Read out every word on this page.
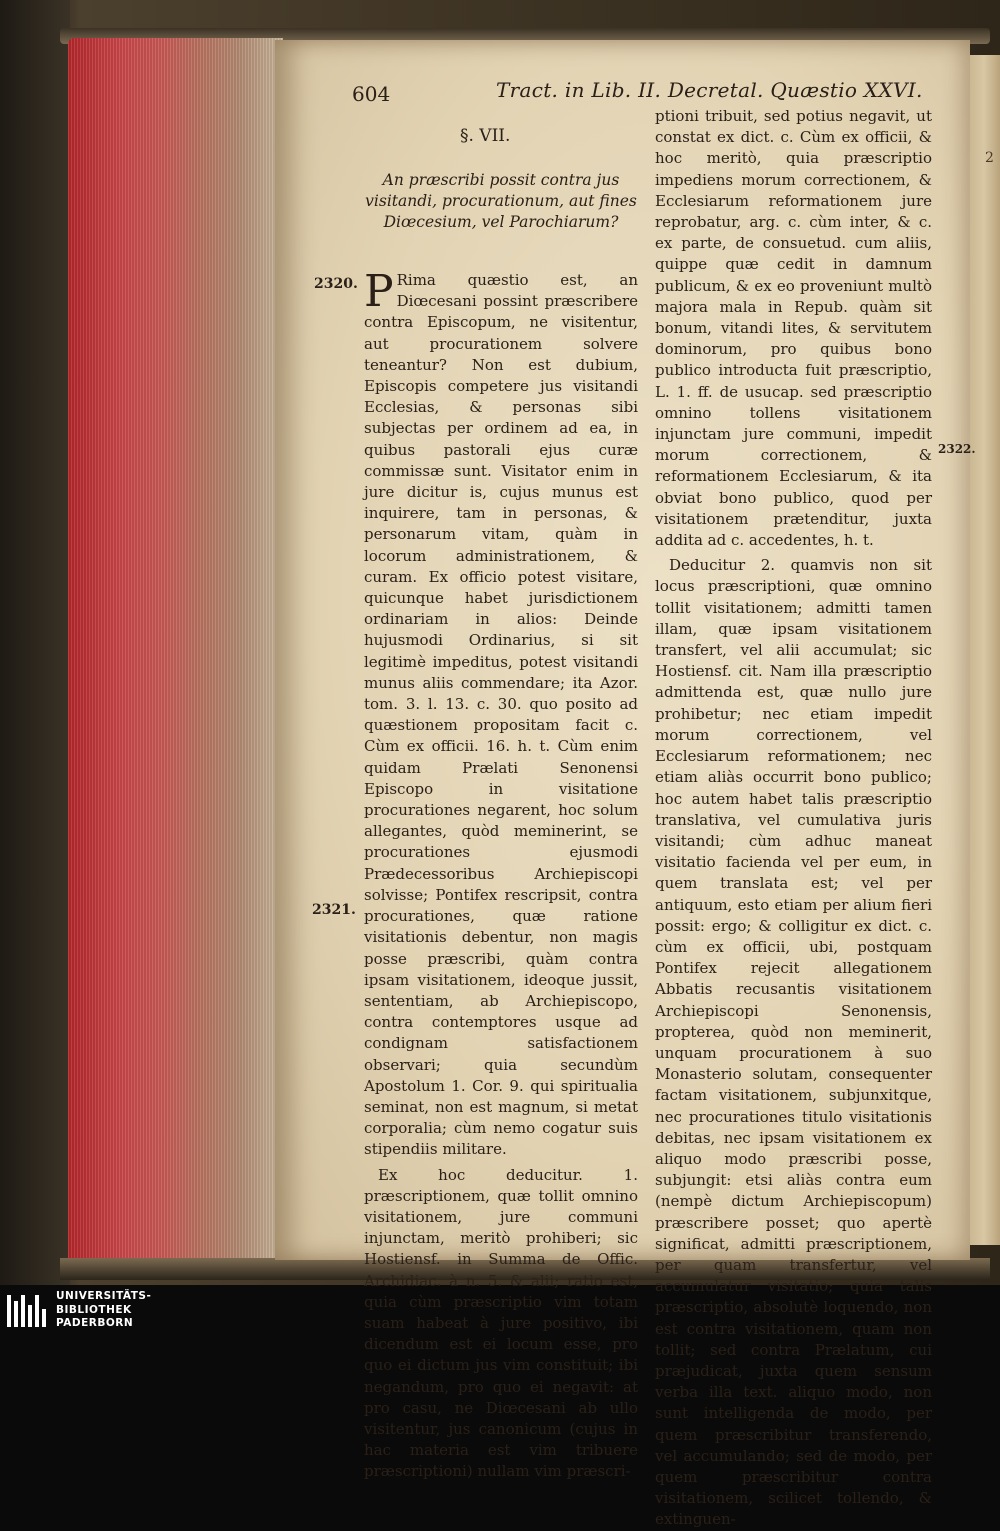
604	Tract. in Lib. II. Decretal. Quæstio XXVI.
§. VII.
An præscribi possit contra jus visitandi, procurationum, aut fines Diœcesium, vel Parochiarum?
2320.
2321.
2322.
2

P Rima quæstio est, an Diœcesani possint præscribere contra Episcopum, ne visitentur, aut procurationem solvere teneantur? Non est dubium, Episcopis competere jus visitandi Ecclesias, & personas sibi subjectas per ordinem ad ea, in quibus pastorali ejus curæ commissæ sunt. Visitator enim in jure dicitur is, cujus munus est inquirere, tam in personas, & personarum vitam, quàm in locorum administrationem, & curam. Ex officio potest visitare, quicunque habet jurisdictionem ordinariam in alios: Deinde hujusmodi Ordinarius, si sit legitimè impeditus, potest visitandi munus aliis commendare; ita Azor. tom. 3. l. 13. c. 30. quo posito ad quæstionem propositam facit c. Cùm ex officii. 16. h. t. Cùm enim quidam Prælati Senonensi Episcopo in visitatione procurationes negarent, hoc solum allegantes, quòd meminerint, se procurationes ejusmodi Prædecessoribus Archiepiscopi solvisse; Pontifex rescripsit, contra procurationes, quæ ratione visitationis debentur, non magis posse præscribi, quàm contra ipsam visitationem, ideoque jussit, sententiam, ab Archiepiscopo, contra contemptores usque ad condignam satisfactionem observari; quia secundùm Apostolum 1. Cor. 9. qui spiritualia seminat, non est magnum, si metat corporalia; cùm nemo cogatur suis stipendiis militare.

Ex hoc deducitur. 1. præscriptionem, quæ tollit omnino visitationem, jure communi injunctam, meritò prohiberi; sic Hostiensf. in Summa de Offic. Archidiac. à n. 5. & alii; ratio est, quia cùm præscriptio vim totam suam habeat à jure positivo, ibi dicendum est ei locum esse, pro quo ei dictum jus vim constituit; ibi negandum, pro quo ei negavit: at pro casu, ne Diœcesani ab ullo visitentur, jus canonicum (cujus in hac materia est vim tribuere præscriptioni) nullam vim præscri-

ptioni tribuit, sed potius negavit, ut constat ex dict. c. Cùm ex officii, & hoc meritò, quia præscriptio impediens morum correctionem, & Ecclesiarum reformationem jure reprobatur, arg. c. cùm inter, & c. ex parte, de consuetud. cum aliis, quippe quæ cedit in damnum publicum, & ex eo proveniunt multò majora mala in Repub. quàm sit bonum, vitandi lites, & servitutem dominorum, pro quibus bono publico introducta fuit præscriptio, L. 1. ff. de usucap. sed præscriptio omnino tollens visitationem injunctam jure communi, impedit morum correctionem, & reformationem Ecclesiarum, & ita obviat bono publico, quod per visitationem prætenditur, juxta addita ad c. accedentes, h. t.

Deducitur 2. quamvis non sit locus præscriptioni, quæ omnino tollit visitationem; admitti tamen illam, quæ ipsam visitationem transfert, vel alii accumulat; sic Hostiensf. cit. Nam illa præscriptio admittenda est, quæ nullo jure prohibetur; nec etiam impedit morum correctionem, vel Ecclesiarum reformationem; nec etiam aliàs occurrit bono publico; hoc autem habet talis præscriptio translativa, vel cumulativa juris visitandi; cùm adhuc maneat visitatio facienda vel per eum, in quem translata est; vel per antiquum, esto etiam per alium fieri possit: ergo; & colligitur ex dict. c. cùm ex officii, ubi, postquam Pontifex rejecit allegationem Abbatis recusantis visitationem Archiepiscopi Senonensis, propterea, quòd non meminerit, unquam procurationem à suo Monasterio solutam, consequenter factam visitationem, subjunxitque, nec procurationes titulo visitationis debitas, nec ipsam visitationem ex aliquo modo præscribi posse, subjungit: etsi aliàs contra eum (nempè dictum Archiepiscopum) præscribere posset; quo apertè significat, admitti præscriptionem, per quam transfertur, vel accumulatur visitatio; quia talis præscriptio, absolutè loquendo, non est contra visitationem, quam non tollit; sed contra Prælatum, cui præjudicat, juxta quem sensum verba illa text. aliquo modo, non sunt intelligenda de modo, per quem præscribitur transferendo, vel accumulando; sed de modo, per quem præscribitur contra visitationem, scilicet tollendo, & extinguen-

UNIVERSITÄTS-
BIBLIOTHEK
PADERBORN
